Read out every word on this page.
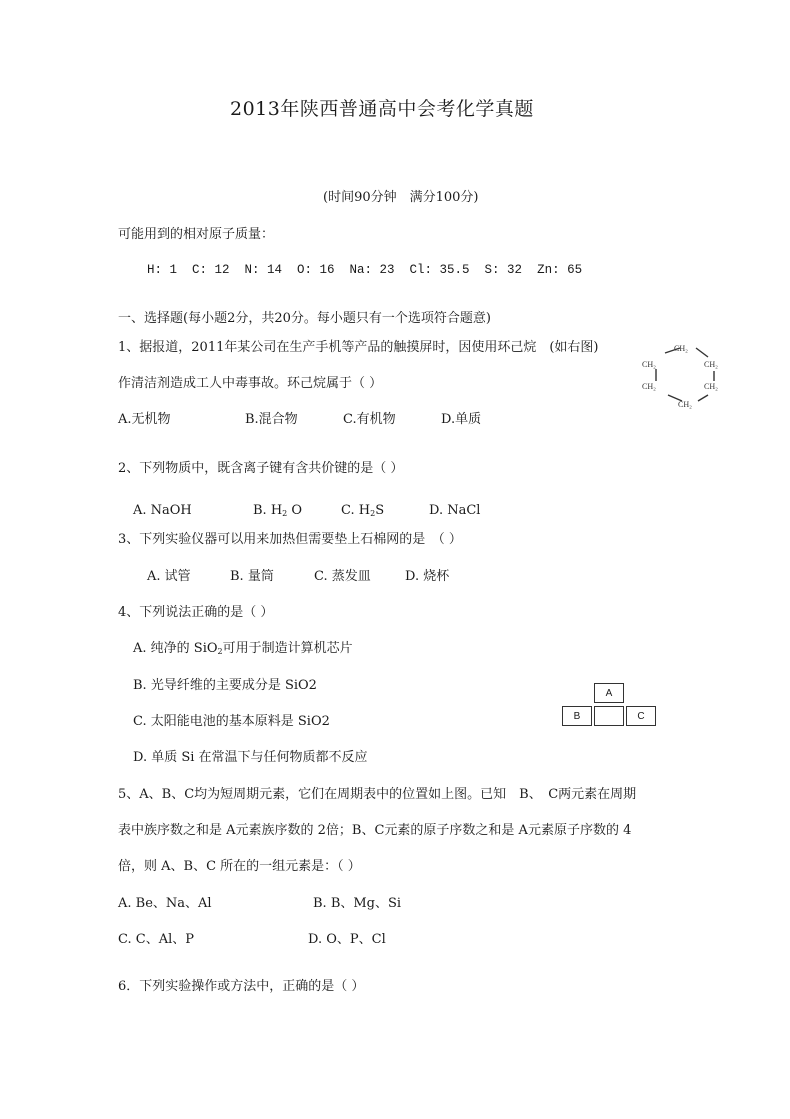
2013年陕西普通高中会考化学真题
(时间90分钟　满分100分)
可能用到的相对原子质量：
H: 1  C: 12  N: 14  O: 16  Na: 23  Cl: 35.5  S: 32  Zn: 65
一、选择题(每小题2分，共20分。每小题只有一个选项符合题意)
1、据报道，2011年某公司在生产手机等产品的触摸屏时，因使用环己烷　(如右图)
作清洁剂造成工人中毒事故。环己烷属于（ ）
A.无机物	B.混合物	C.有机物	D.单质
CH₂
CH₂
CH₂
CH₂
CH₂
CH₂
2、下列物质中，既含离子键有含共价键的是（ ）
A. NaOH	B. $H_2$ O	C. $H_2S$	D. NaCl
3、下列实验仪器可以用来加热但需要垫上石棉网的是　（ ）
A. 试管	B. 量筒	C. 蒸发皿	D. 烧杯
4、下列说法正确的是（ ）
A. 纯净的 SiO$_2$可用于制造计算机芯片
B. 光导纤维的主要成分是 SiO2
C. 太阳能电池的基本原料是 SiO2
D. 单质 Si 在常温下与任何物质都不反应
A
B	C
5、A、B、C均为短周期元素，它们在周期表中的位置如上图。已知　B、　C两元素在周期
表中族序数之和是 A元素族序数的 2倍；B、C元素的原子序数之和是 A元素原子序数的 4
倍，则 A、B、C 所在的一组元素是：（ ）
A. Be、Na、Al	B. B、Mg、Si
C. C、Al、P	D. O、P、Cl
6．下列实验操作或方法中，正确的是（ ）
